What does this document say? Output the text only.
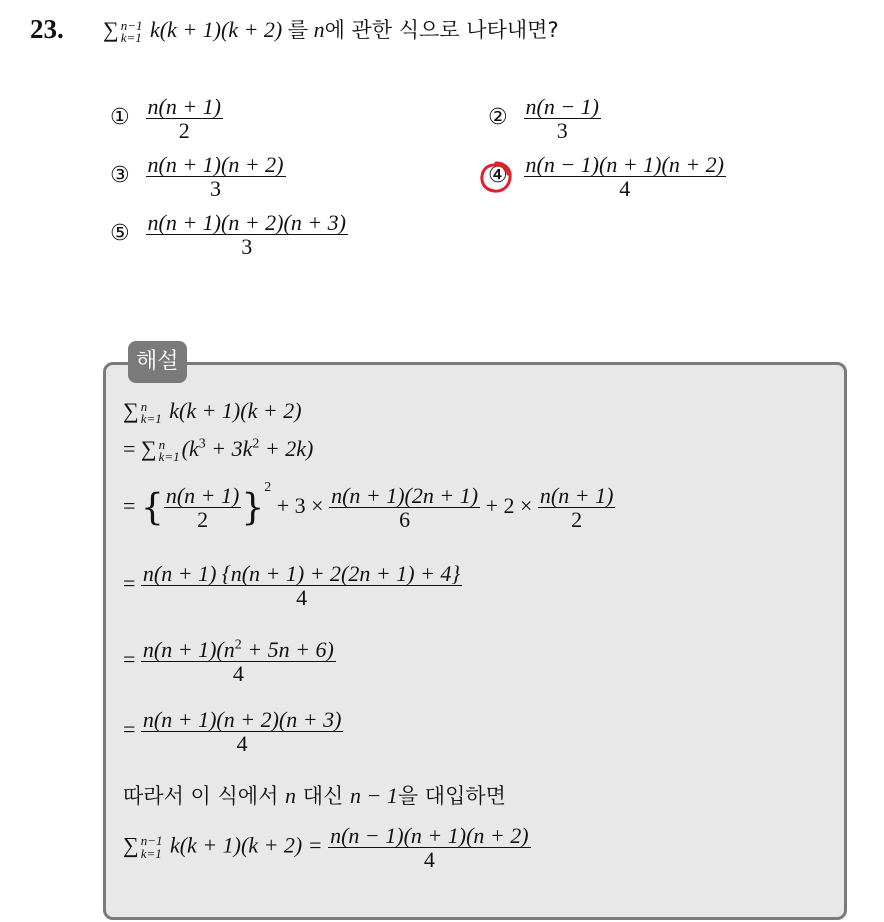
23. ∑ n−1
k=1 k(k + 1)(k + 2) 를 n에 관한 식으로 나타내면?
① $\frac{n(n + 1)}{2}$	② $\frac{n(n - 1)}{3}$
③ $\frac{n(n + 1)(n + 2)}{3}$	④ $\frac{n(n - 1)(n + 1)(n + 2)}{4}$
⑤ $\frac{n(n + 1)(n + 2)(n + 3)}{3}$
해설
∑ n
k=1 k(k + 1)(k + 2)
= ∑ n
k=1 $(k^3 + 3k^2 + 2k)$
= { $\frac{n(n + 1)}{2} \}^2 + 3 \times \frac{n(n + 1)(2n + 1)}{6} + 2 \times \frac{n(n + 1)}{2}$
= $\frac{n(n + 1) \{n(n + 1) + 2(2n + 1) + 4\}}{4}$
= $\frac{n(n + 1)(n^2 + 5n + 6)}{4}$
= $\frac{n(n + 1)(n + 2)(n + 3)}{4}$
따라서 이 식에서 n 대신 n − 1을 대입하면
∑ n−1
k=1 $k(k + 1)(k + 2) = \frac{n(n - 1)(n + 1)(n + 2)}{4}$
